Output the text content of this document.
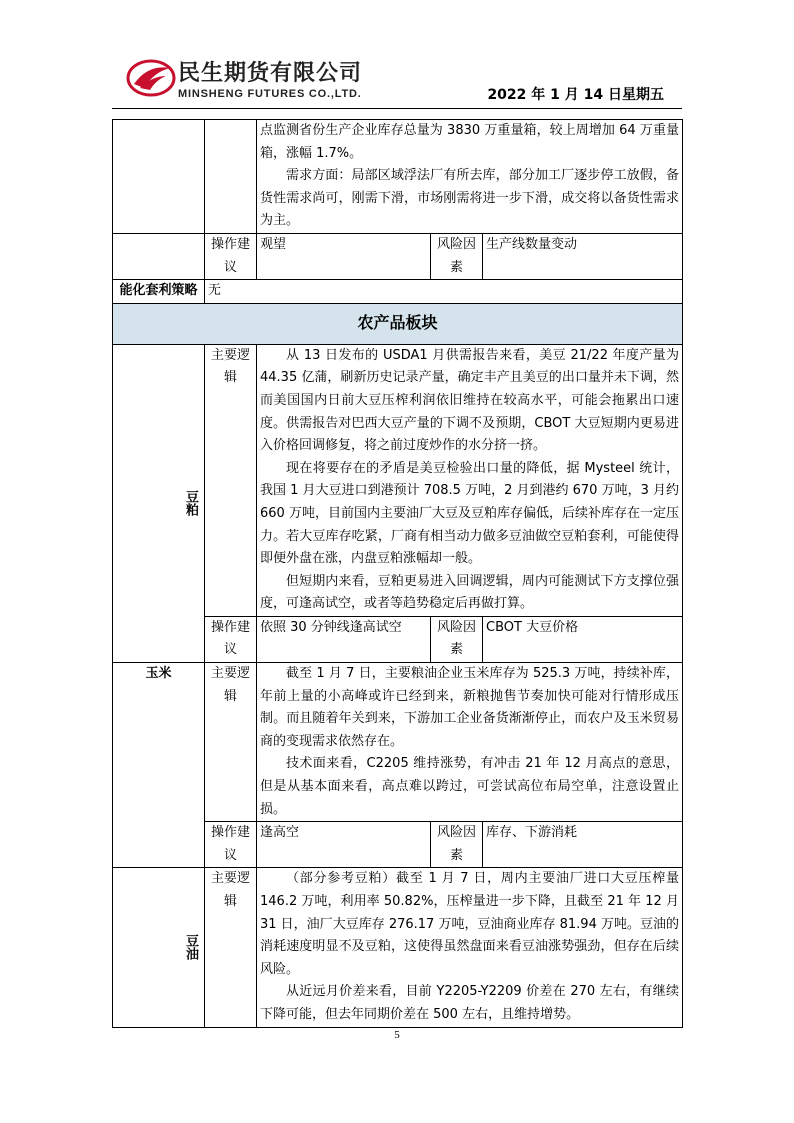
民生期货有限公司
MINSHENG FUTURES CO.,LTD.	2022 年 1 月 14 日星期五

		点监测省份生产企业库存总量为 3830 万重量箱，较上周增加 64 万重量箱，涨幅 1.7%。

需求方面：局部区域浮法厂有所去库，部分加工厂逐步停工放假，备货性需求尚可，刚需下滑，市场刚需将进一步下滑，成交将以备货性需求为主。		

	操作建议	观望	风险因素	生产线数量变动
能化套利策略	无			
农产品板块				
豆粕	主要逻辑	从 13 日发布的 USDA1 月供需报告来看，美豆 21/22 年度产量为 44.35 亿蒲，刷新历史记录产量，确定丰产且美豆的出口量并未下调，然而美国国内日前大豆压榨利润依旧维持在较高水平，可能会拖累出口速度。供需报告对巴西大豆产量的下调不及预期，CBOT 大豆短期内更易进入价格回调修复，将之前过度炒作的水分挤一挤。

现在将要存在的矛盾是美豆检验出口量的降低，据 Mysteel 统计，我国 1 月大豆进口到港预计 708.5 万吨，2 月到港约 670 万吨，3 月约 660 万吨，目前国内主要油厂大豆及豆粕库存偏低，后续补库存在一定压力。若大豆库存吃紧，厂商有相当动力做多豆油做空豆粕套利，可能使得即便外盘在涨，内盘豆粕涨幅却一般。

但短期内来看，豆粕更易进入回调逻辑，周内可能测试下方支撑位强度，可逢高试空，或者等趋势稳定后再做打算。		

	操作建议	依照 30 分钟线逢高试空	风险因素	CBOT 大豆价格
玉米	主要逻辑	截至 1 月 7 日，主要粮油企业玉米库存为 525.3 万吨，持续补库，年前上量的小高峰或许已经到来，新粮抛售节奏加快可能对行情形成压制。而且随着年关到来，下游加工企业备货渐渐停止，而农户及玉米贸易商的变现需求依然存在。

技术面来看，C2205 维持涨势，有冲击 21 年 12 月高点的意思，但是从基本面来看，高点难以跨过，可尝试高位布局空单，注意设置止损。		

	操作建议	逢高空	风险因素	库存、下游消耗
豆油	主要逻辑	（部分参考豆粕）截至 1 月 7 日，周内主要油厂进口大豆压榨量 146.2 万吨，利用率 50.82%，压榨量进一步下降，且截至 21 年 12 月 31 日，油厂大豆库存 276.17 万吨，豆油商业库存 81.94 万吨。豆油的消耗速度明显不及豆粕，这使得虽然盘面来看豆油涨势强劲，但存在后续风险。

从近远月价差来看，目前 Y2205-Y2209 价差在 270 左右，有继续下降可能，但去年同期价差在 500 左右，且维持增势。		

5
